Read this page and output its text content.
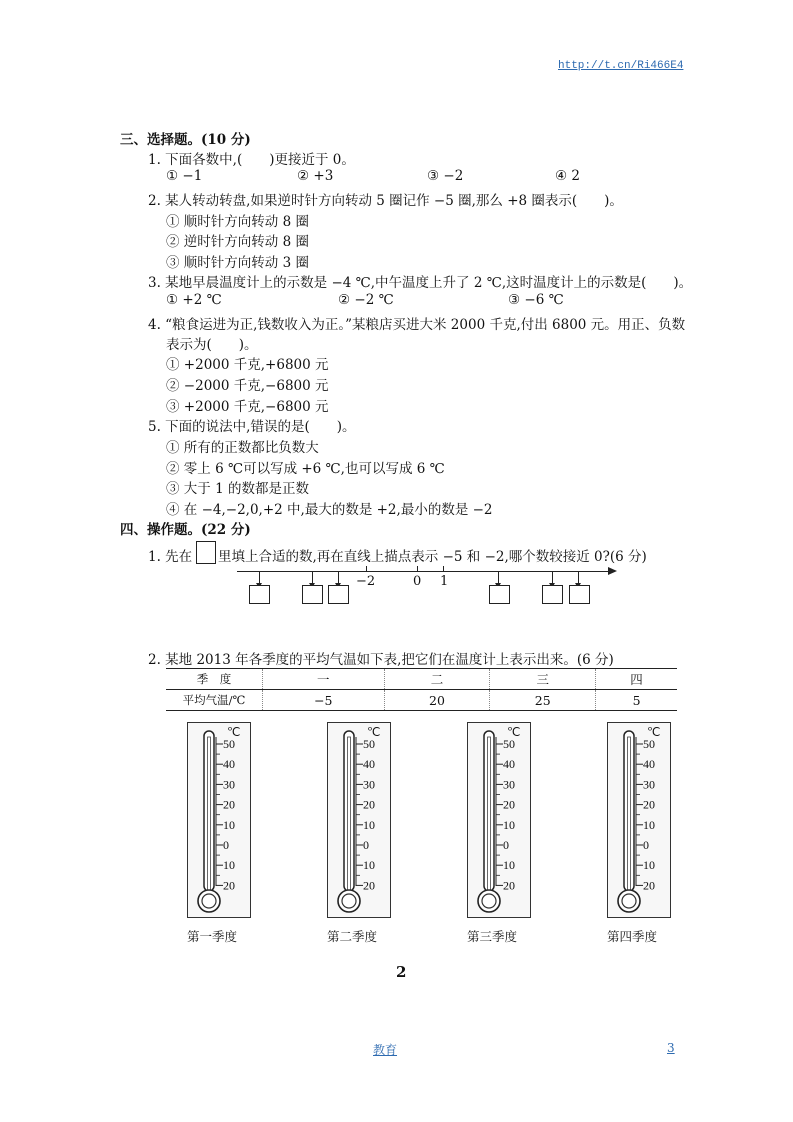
http://t.cn/Ri466E4
三、选择题。(10 分)
1. 下面各数中,(　　)更接近于 0。
① −1	② +3	③ −2	④ 2
2. 某人转动转盘,如果逆时针方向转动 5 圈记作 −5 圈,那么 +8 圈表示(　　)。
① 顺时针方向转动 8 圈
② 逆时针方向转动 8 圈
③ 顺时针方向转动 3 圈
3. 某地早晨温度计上的示数是 −4 ℃,中午温度上升了 2 ℃,这时温度计上的示数是(　　)。
① +2 ℃	② −2 ℃	③ −6 ℃
4. “粮食运进为正,钱数收入为正。”某粮店买进大米 2000 千克,付出 6800 元。用正、负数
表示为(　　)。
① +2000 千克,+6800 元
② −2000 千克,−6800 元
③ +2000 千克,−6800 元
5. 下面的说法中,错误的是(　　)。
① 所有的正数都比负数大
② 零上 6 ℃可以写成 +6 ℃,也可以写成 6 ℃
③ 大于 1 的数都是正数
④ 在 −4,−2,0,+2 中,最大的数是 +2,最小的数是 −2
四、操作题。(22 分)
1. 先在 里填上合适的数,再在直线上描点表示 −5 和 −2,哪个数较接近 0?(6 分)
−2	0 1
2. 某地 2013 年各季度的平均气温如下表,把它们在温度计上表示出来。(6 分)
季　度	一	二	三	四
平均气温/℃	−5	20	25	5
50
40
30
20
10
0
10
20
℃
50
40
30
20
10
0
10
20
℃
50
40
30
20
10
0
10
20
℃
50
40
30
20
10
0
10
20
℃
第一季度	第二季度	第三季度	第四季度
2
教育	3
